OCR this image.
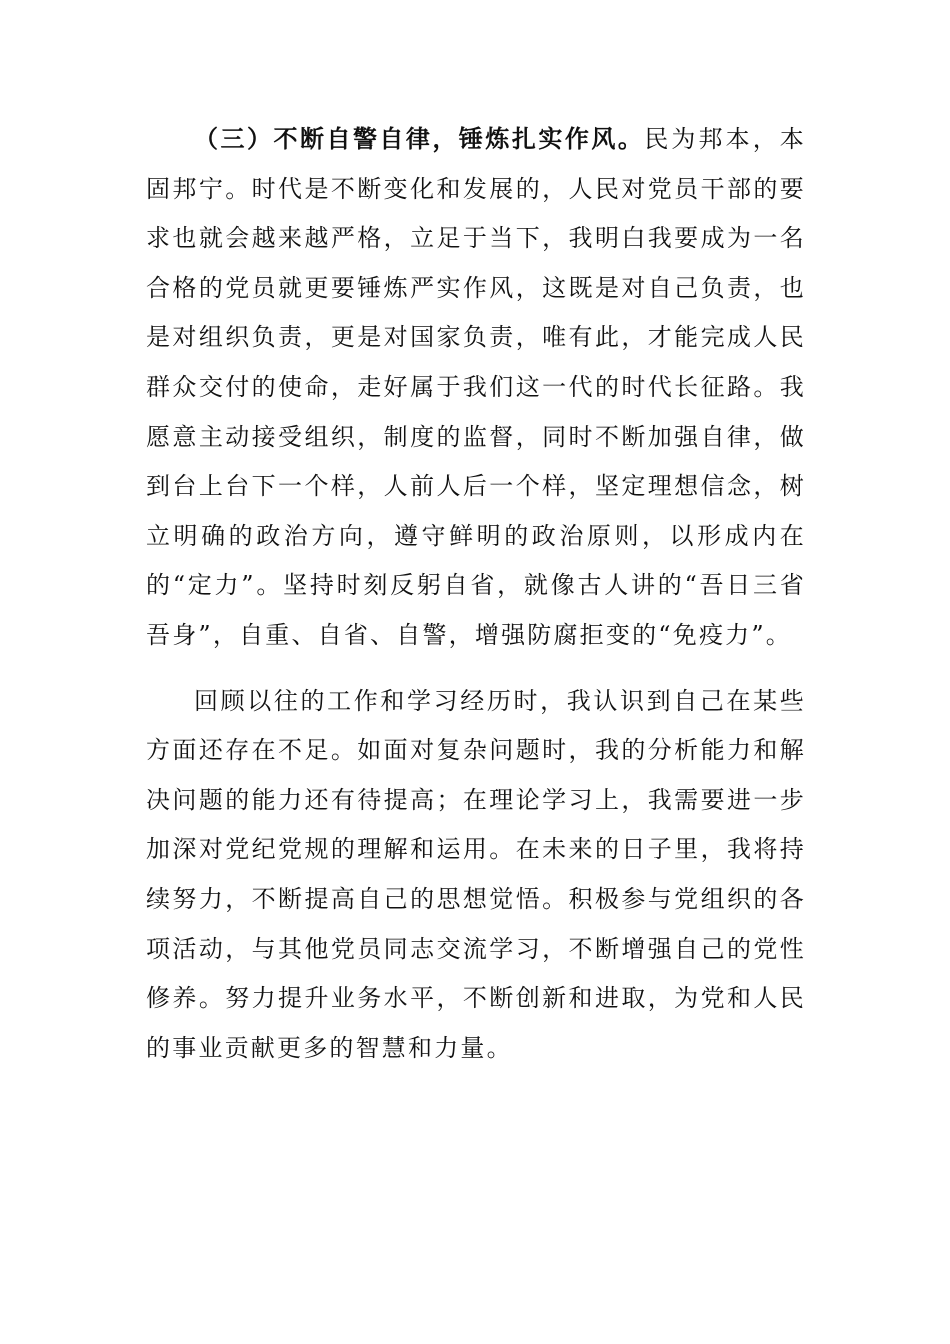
（三）不断自警自律，锤炼扎实作风。民为邦本，本固邦宁。时代是不断变化和发展的，人民对党员干部的要求也就会越来越严格，立足于当下，我明白我要成为一名合格的党员就更要锤炼严实作风，这既是对自己负责，也是对组织负责，更是对国家负责，唯有此，才能完成人民群众交付的使命，走好属于我们这一代的时代长征路。我愿意主动接受组织，制度的监督，同时不断加强自律，做到台上台下一个样，人前人后一个样，坚定理想信念，树立明确的政治方向，遵守鲜明的政治原则，以形成内在的“定力”。坚持时刻反躬自省，就像古人讲的“吾日三省吾身”，自重、自省、自警，增强防腐拒变的“免疫力”。

回顾以往的工作和学习经历时，我认识到自己在某些方面还存在不足。如面对复杂问题时，我的分析能力和解决问题的能力还有待提高；在理论学习上，我需要进一步加深对党纪党规的理解和运用。在未来的日子里，我将持续努力，不断提高自己的思想觉悟。积极参与党组织的各项活动，与其他党员同志交流学习，不断增强自己的党性修养。努力提升业务水平，不断创新和进取，为党和人民的事业贡献更多的智慧和力量。
